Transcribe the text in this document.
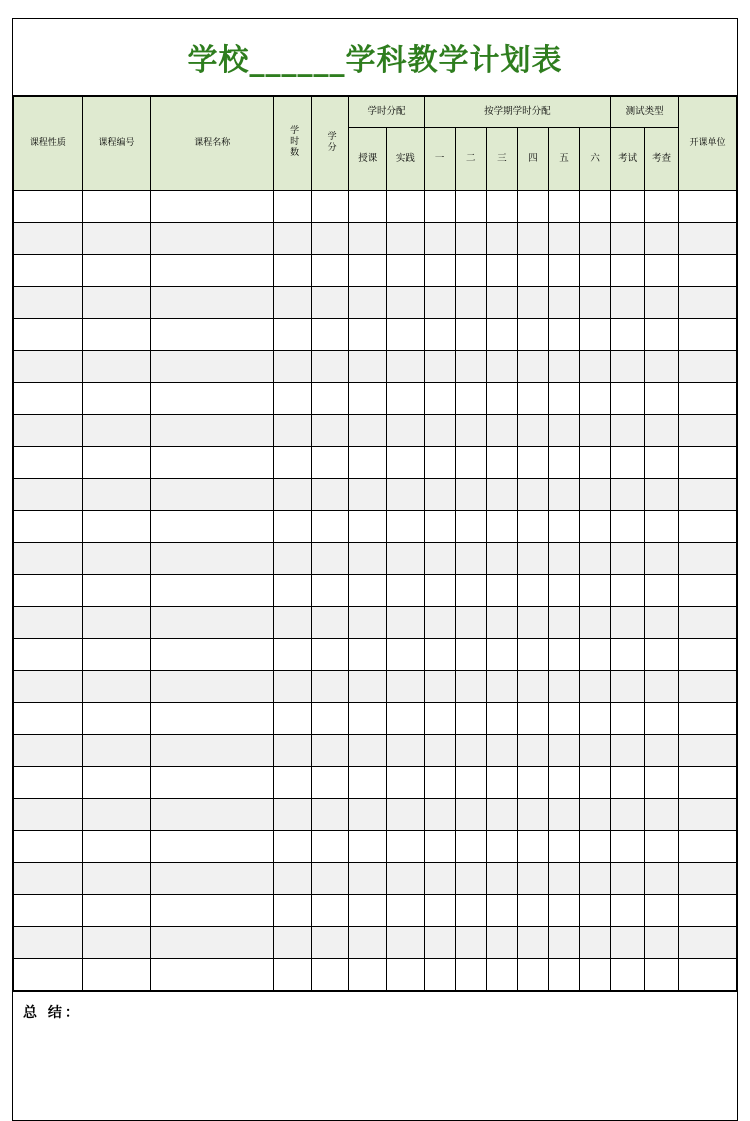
学校______学科教学计划表
课程性质	课程编号	课程名称	学时数	学分	学时分配		按学期学时分配						测试类型		开课单位
					授课	实践	一	二	三	四	五	六	考试	考查	

总 结：
